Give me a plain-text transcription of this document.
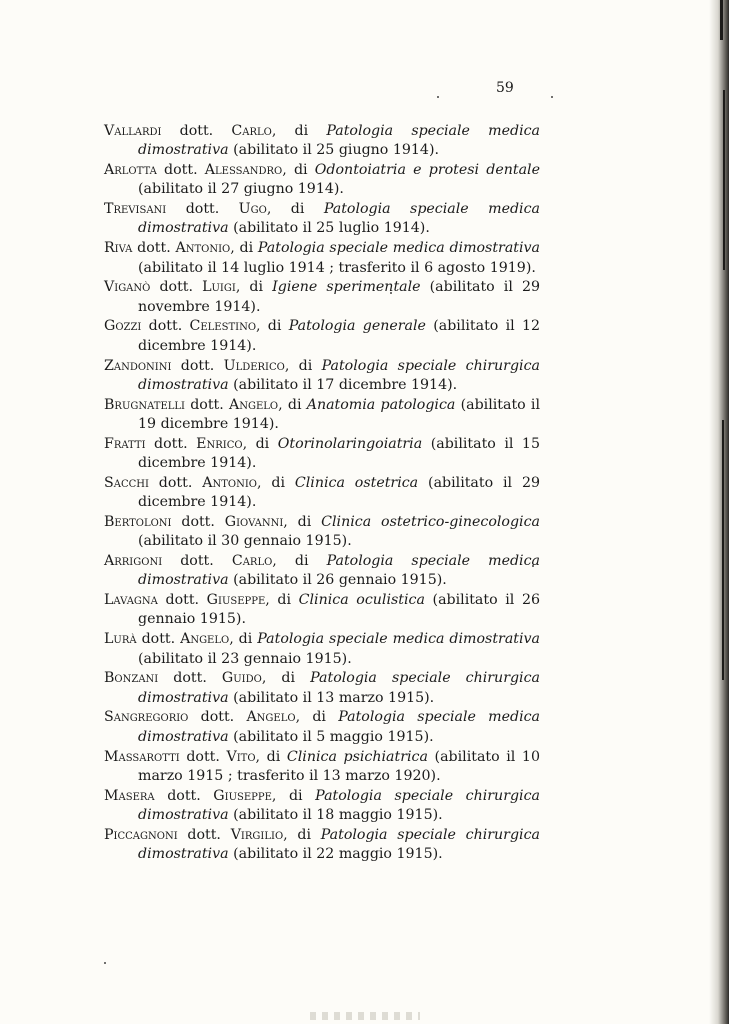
59

Vallardi dott. Carlo, di Patologia speciale medica dimostrativa (abilitato il 25 giugno 1914).

Arlotta dott. Alessandro, di Odontoiatria e protesi dentale (abilitato il 27 giugno 1914).

Trevisani dott. Ugo, di Patologia speciale medica dimostrativa (abilitato il 25 luglio 1914).

Riva dott. Antonio, di Patologia speciale medica dimostrativa (abilitato il 14 luglio 1914 ; trasferito il 6 agosto 1919).

Viganò dott. Luigi, di Igiene sperimentale (abilitato il 29 novembre 1914).

Gozzi dott. Celestino, di Patologia generale (abilitato il 12 dicembre 1914).

Zandonini dott. Ulderico, di Patologia speciale chirurgica dimostrativa (abilitato il 17 dicembre 1914).

Brugnatelli dott. Angelo, di Anatomia patologica (abilitato il 19 dicembre 1914).

Fratti dott. Enrico, di Otorinolaringoiatria (abilitato il 15 dicembre 1914).

Sacchi dott. Antonio, di Clinica ostetrica (abilitato il 29 dicembre 1914).

Bertoloni dott. Giovanni, di Clinica ostetrico-ginecologica (abilitato il 30 gennaio 1915).

Arrigoni dott. Carlo, di Patologia speciale medica dimostrativa (abilitato il 26 gennaio 1915).

Lavagna dott. Giuseppe, di Clinica oculistica (abilitato il 26 gennaio 1915).

Lurà dott. Angelo, di Patologia speciale medica dimostrativa (abilitato il 23 gennaio 1915).

Bonzani dott. Guido, di Patologia speciale chirurgica dimostrativa (abilitato il 13 marzo 1915).

Sangregorio dott. Angelo, di Patologia speciale medica dimostrativa (abilitato il 5 maggio 1915).

Massarotti dott. Vito, di Clinica psichiatrica (abilitato il 10 marzo 1915 ; trasferito il 13 marzo 1920).

Masera dott. Giuseppe, di Patologia speciale chirurgica dimostrativa (abilitato il 18 maggio 1915).

Piccagnoni dott. Virgilio, di Patologia speciale chirurgica dimostrativa (abilitato il 22 maggio 1915).
